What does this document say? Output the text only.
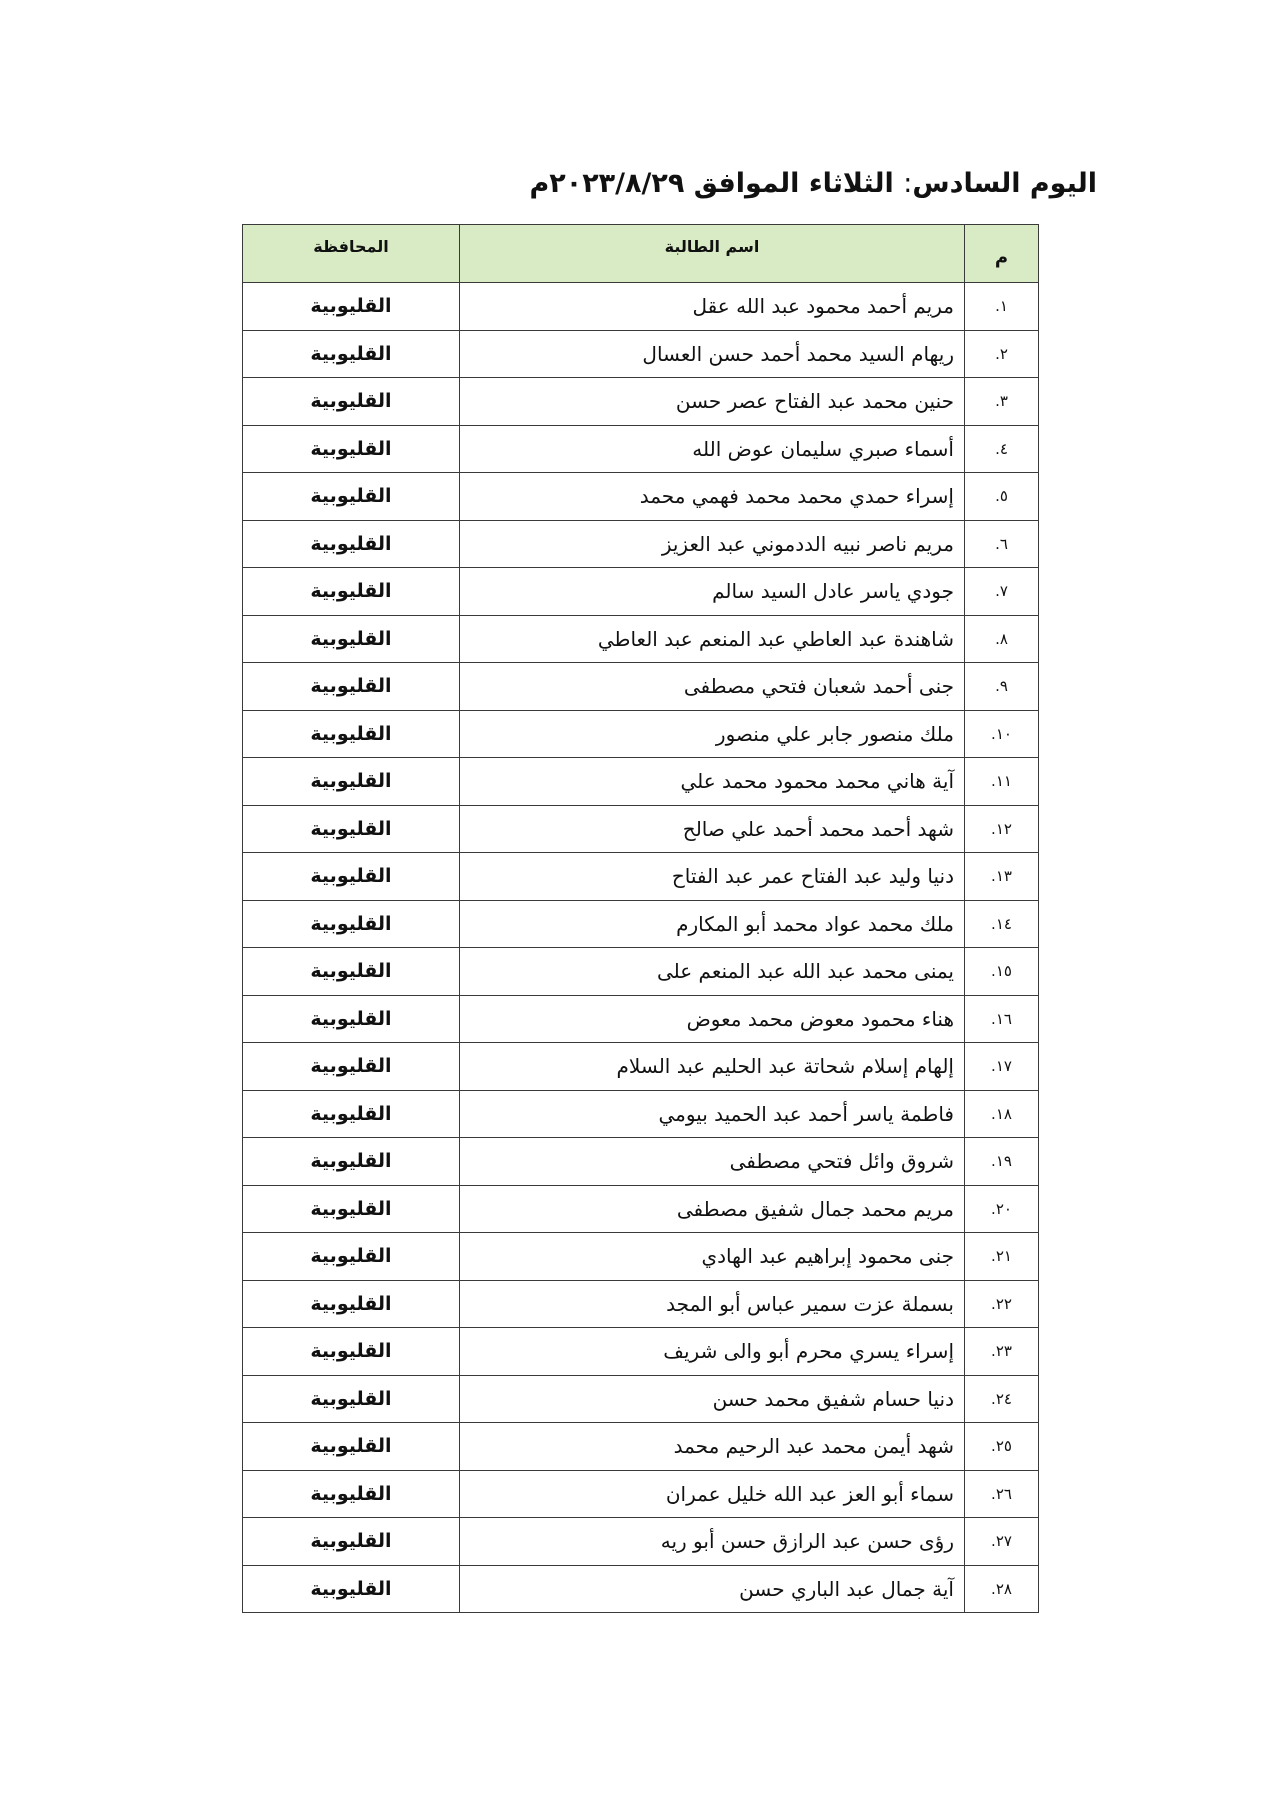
اليوم السادس: الثلاثاء الموافق ٢٠٢٣/٨/٢٩م
م	اسم الطالبة	المحافظة
١.	مريم أحمد محمود عبد الله عقل	القليوبية
٢.	ريهام السيد محمد أحمد حسن العسال	القليوبية
٣.	حنين محمد عبد الفتاح عصر حسن	القليوبية
٤.	أسماء صبري سليمان عوض الله	القليوبية
٥.	إسراء حمدي محمد محمد فهمي محمد	القليوبية
٦.	مريم ناصر نبيه الددموني عبد العزيز	القليوبية
٧.	جودي ياسر عادل السيد سالم	القليوبية
٨.	شاهندة عبد العاطي عبد المنعم عبد العاطي	القليوبية
٩.	جنى أحمد شعبان فتحي مصطفى	القليوبية
١٠.	ملك منصور جابر علي منصور	القليوبية
١١.	آية هاني محمد محمود محمد علي	القليوبية
١٢.	شهد أحمد محمد أحمد علي صالح	القليوبية
١٣.	دنيا وليد عبد الفتاح عمر عبد الفتاح	القليوبية
١٤.	ملك محمد عواد محمد أبو المكارم	القليوبية
١٥.	يمنى محمد عبد الله عبد المنعم على	القليوبية
١٦.	هناء محمود معوض محمد معوض	القليوبية
١٧.	إلهام إسلام شحاتة عبد الحليم عبد السلام	القليوبية
١٨.	فاطمة ياسر أحمد عبد الحميد بيومي	القليوبية
١٩.	شروق وائل فتحي مصطفى	القليوبية
٢٠.	مريم محمد جمال شفيق مصطفى	القليوبية
٢١.	جنى محمود إبراهيم عبد الهادي	القليوبية
٢٢.	بسملة عزت سمير عباس أبو المجد	القليوبية
٢٣.	إسراء يسري محرم أبو والى شريف	القليوبية
٢٤.	دنيا حسام شفيق محمد حسن	القليوبية
٢٥.	شهد أيمن محمد عبد الرحيم محمد	القليوبية
٢٦.	سماء أبو العز عبد الله خليل عمران	القليوبية
٢٧.	رؤى حسن عبد الرازق حسن أبو ريه	القليوبية
٢٨.	آية جمال عبد الباري حسن	القليوبية
